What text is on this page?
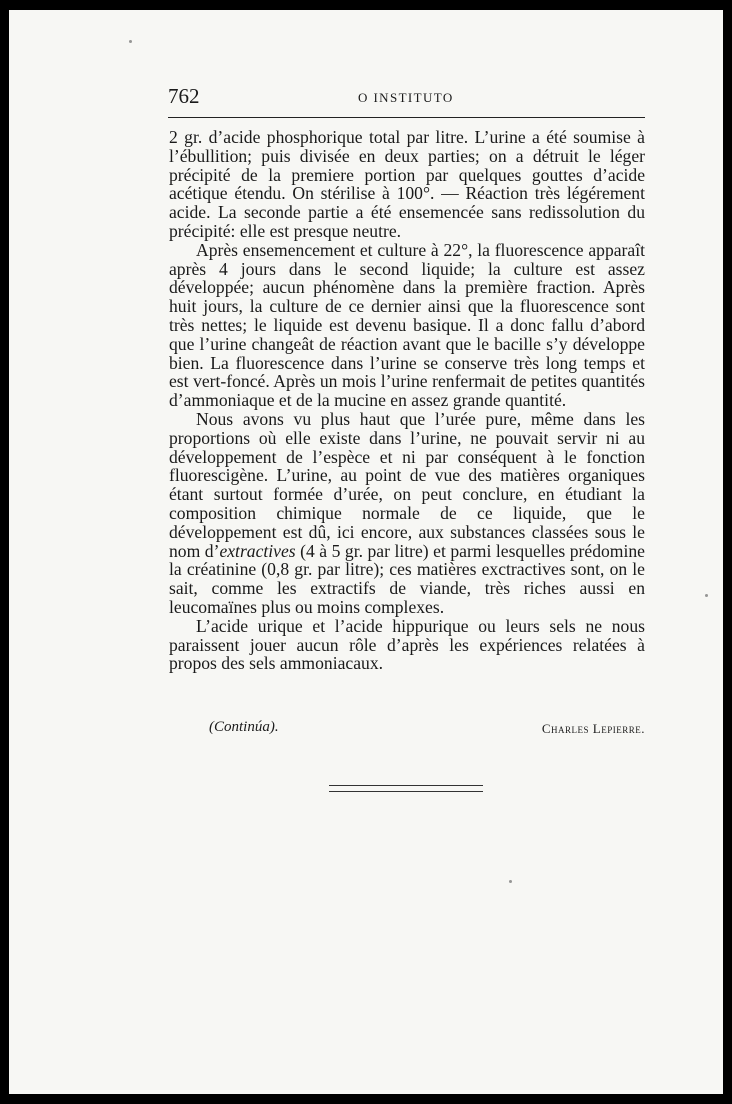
762	O INSTITUTO

2 gr. d’acide phosphorique total par litre. L’urine a été soumise à l’ébullition; puis divisée en deux parties; on a détruit le léger précipité de la premiere portion par quelques gouttes d’acide acétique étendu. On stérilise à 100°. — Réaction très légérement acide. La seconde partie a été ensemencée sans redissolution du précipité: elle est presque neutre.

Après ensemencement et culture à 22°, la fluorescence apparaît après 4 jours dans le second liquide; la culture est assez développée; aucun phénomène dans la première fraction. Après huit jours, la culture de ce dernier ainsi que la fluorescence sont très nettes; le liquide est devenu basique. Il a donc fallu d’abord que l’urine changeât de réaction avant que le bacille s’y développe bien. La fluorescence dans l’urine se conserve très long temps et est vert-foncé. Après un mois l’urine renfermait de petites quantités d’ammoniaque et de la mucine en assez grande quantité.

Nous avons vu plus haut que l’urée pure, même dans les proportions où elle existe dans l’urine, ne pouvait servir ni au développement de l’espèce et ni par conséquent à le fonction fluorescigène. L’urine, au point de vue des matières organiques étant surtout formée d’urée, on peut conclure, en étudiant la composition chimique normale de ce liquide, que le développement est dû, ici encore, aux substances classées sous le nom d’extractives (4 à 5 gr. par litre) et parmi lesquelles prédomine la créatinine (0,8 gr. par litre); ces matières exctractives sont, on le sait, comme les extractifs de viande, très riches aussi en leucomaïnes plus ou moins complexes.

L’acide urique et l’acide hippurique ou leurs sels ne nous paraissent jouer aucun rôle d’après les expériences relatées à propos des sels ammoniacaux.

(Continúa).	Charles Lepierre.
